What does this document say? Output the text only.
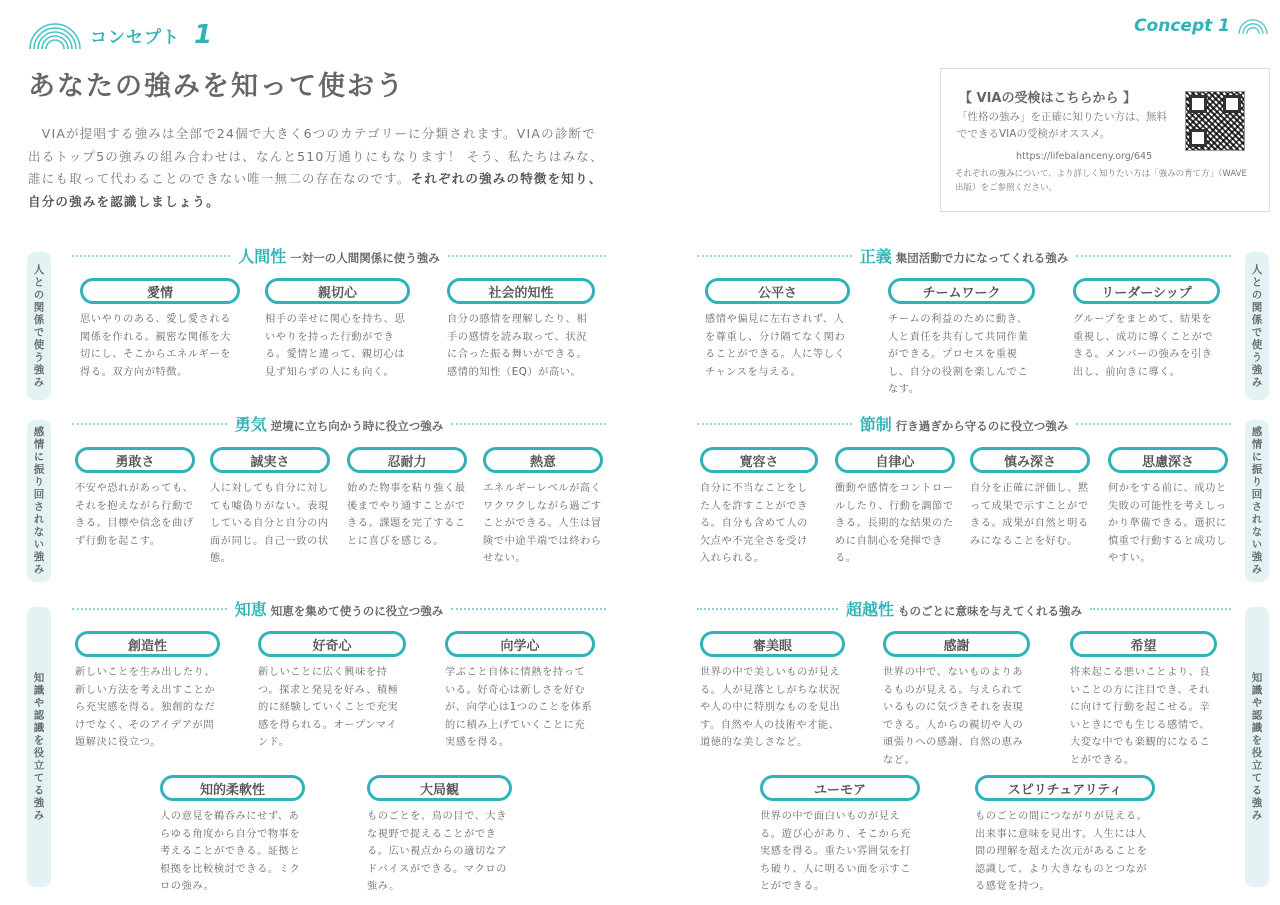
コンセプト 1
あなたの強みを知って使おう
　VIAが提唱する強みは全部で24個で大きく6つのカテゴリーに分類されます。VIAの診断で出るトップ5の強みの組み合わせは、なんと510万通りにもなります！ そう、私たちはみな、誰にも取って代わることのできない唯一無二の存在なのです。それぞれの強みの特徴を知り、自分の強みを認識しましょう。
Concept 1
【 VIAの受検はこちらから 】
「性格の強み」を正確に知りたい方は、無料でできるVIAの受検がオススメ。
https://lifebalanceny.org/645
それぞれの強みについて、より詳しく知りたい方は「強みの育て方」（WAVE出版）をご参照ください。
人との関係で使う強み
感情に振り回されない強み
知識や認識を役立てる強み
人との関係で使う強み
感情に振り回されない強み
知識や認識を役立てる強み
人間性 一対一の人間関係に使う強み
愛情
思いやりのある、愛し愛される関係を作れる。親密な関係を大切にし、そこからエネルギーを得る。双方向が特徴。
親切心
相手の幸せに関心を持ち、思いやりを持った行動ができる。愛情と違って、親切心は見ず知らずの人にも向く。
社会的知性
自分の感情を理解したり、相手の感情を読み取って、状況に合った振る舞いができる。感情的知性（EQ）が高い。
勇気 逆境に立ち向かう時に役立つ強み
勇敢さ
不安や恐れがあっても、それを抱えながら行動できる。目標や信念を曲げず行動を起こす。
誠実さ
人に対しても自分に対しても嘘偽りがない。表現している自分と自分の内面が同じ。自己一致の状態。
忍耐力
始めた物事を粘り強く最後までやり通すことができる。課題を完了することに喜びを感じる。
熱意
エネルギーレベルが高くワクワクしながら過ごすことができる。人生は冒険で中途半端では終わらせない。
知恵 知恵を集めて使うのに役立つ強み
創造性
新しいことを生み出したり、新しい方法を考え出すことから充実感を得る。独創的なだけでなく、そのアイデアが問題解決に役立つ。
好奇心
新しいことに広く興味を持つ。探求と発見を好み、積極的に経験していくことで充実感を得られる。オープンマインド。
向学心
学ぶこと自体に情熱を持っている。好奇心は新しさを好むが、向学心は1つのことを体系的に積み上げていくことに充実感を得る。
知的柔軟性
人の意見を鵜呑みにせず、あらゆる角度から自分で物事を考えることができる。証拠と根拠を比較検討できる。ミクロの強み。
大局観
ものごとを、鳥の目で、大きな視野で捉えることができる。広い視点からの適切なアドバイスができる。マクロの強み。
正義 集団活動で力になってくれる強み
公平さ
感情や偏見に左右されず、人を尊重し、分け隔てなく関わることができる。人に等しくチャンスを与える。
チームワーク
チームの利益のために動き、人と責任を共有して共同作業ができる。プロセスを重視し、自分の役割を楽しんでこなす。
リーダーシップ
グループをまとめて、結果を重視し、成功に導くことができる。メンバーの強みを引き出し、前向きに導く。
節制 行き過ぎから守るのに役立つ強み
寛容さ
自分に不当なことをした人を許すことができる。自分も含めて人の欠点や不完全さを受け入れられる。
自律心
衝動や感情をコントロールしたり、行動を調節できる。長期的な結果のために自制心を発揮できる。
慎み深さ
自分を正確に評価し、黙って成果で示すことができる。成果が自然と明るみになることを好む。
思慮深さ
何かをする前に、成功と失敗の可能性を考えしっかり準備できる。選択に慎重で行動すると成功しやすい。
超越性 ものごとに意味を与えてくれる強み
審美眼
世界の中で美しいものが見える。人が見落としがちな状況や人の中に特別なものを見出す。自然や人の技術や才能、道徳的な美しさなど。
感謝
世界の中で、ないものよりあるものが見える。与えられているものに気づきそれを表現できる。人からの親切や人の頑張りへの感謝、自然の恵みなど。
希望
将来起こる悪いことより、良いことの方に注目でき、それに向けて行動を起こせる。辛いときにでも生じる感情で、大変な中でも楽観的になることができる。
ユーモア
世界の中で面白いものが見える。遊び心があり、そこから充実感を得る。重たい雰囲気を打ち破り、人に明るい面を示すことができる。
スピリチュアリティ
ものごとの間につながりが見える。出来事に意味を見出す。人生には人間の理解を超えた次元があることを認識して、より大きなものとつながる感覚を持つ。
